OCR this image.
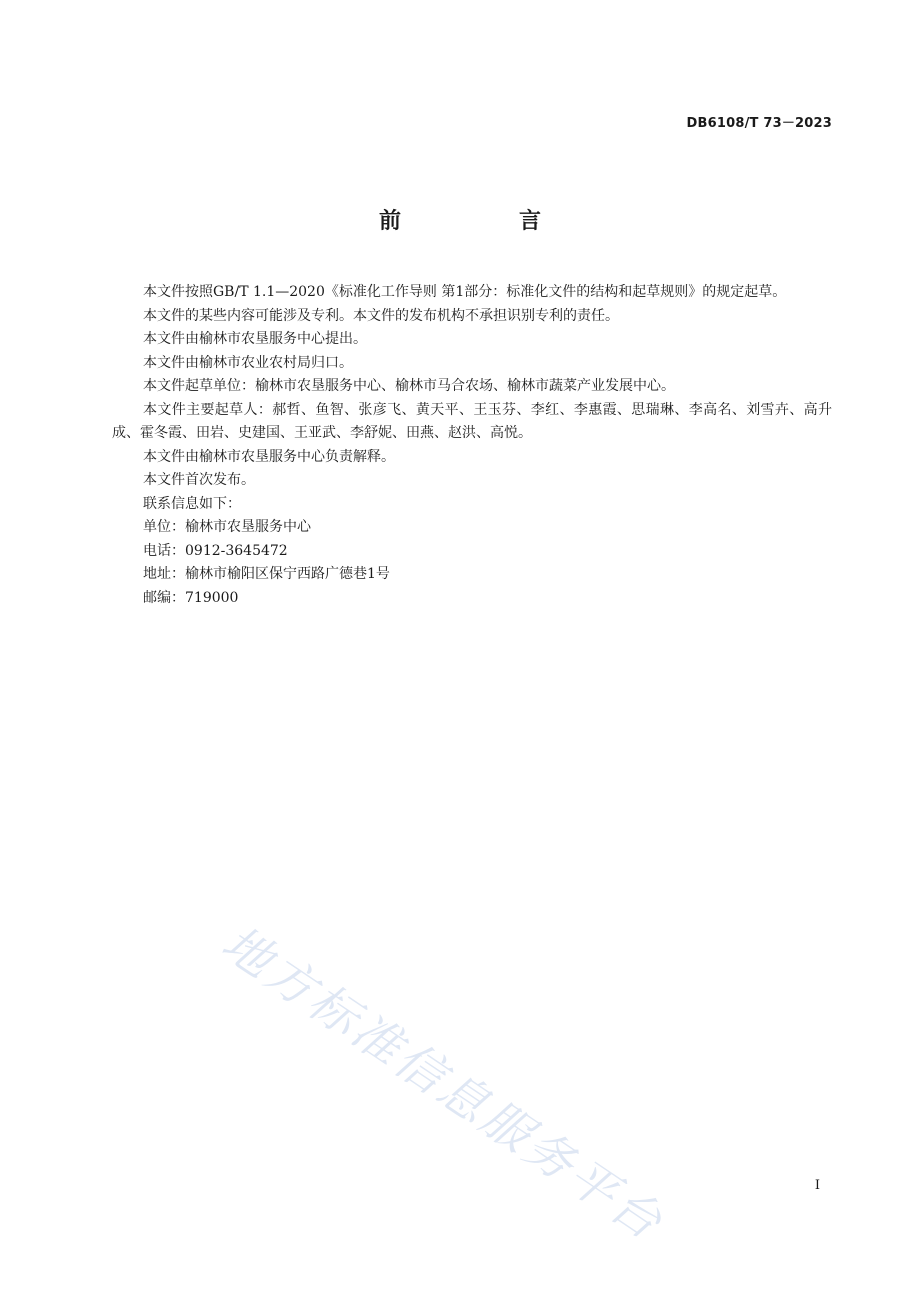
DB6108/T 73－2023
前　言

本文件按照GB/T 1.1—2020《标准化工作导则 第1部分：标准化文件的结构和起草规则》的规定起草。

本文件的某些内容可能涉及专利。本文件的发布机构不承担识别专利的责任。

本文件由榆林市农垦服务中心提出。

本文件由榆林市农业农村局归口。

本文件起草单位：榆林市农垦服务中心、榆林市马合农场、榆林市蔬菜产业发展中心。

本文件主要起草人：郝哲、鱼智、张彦飞、黄天平、王玉芬、李红、李惠霞、思瑞琳、李高名、刘雪卉、高升成、霍冬霞、田岩、史建国、王亚武、李舒妮、田燕、赵洪、高悦。

本文件由榆林市农垦服务中心负责解释。

本文件首次发布。

联系信息如下：

单位：榆林市农垦服务中心

电话：0912-3645472

地址：榆林市榆阳区保宁西路广德巷1号

邮编：719000

地方标准信息服务平台	I
